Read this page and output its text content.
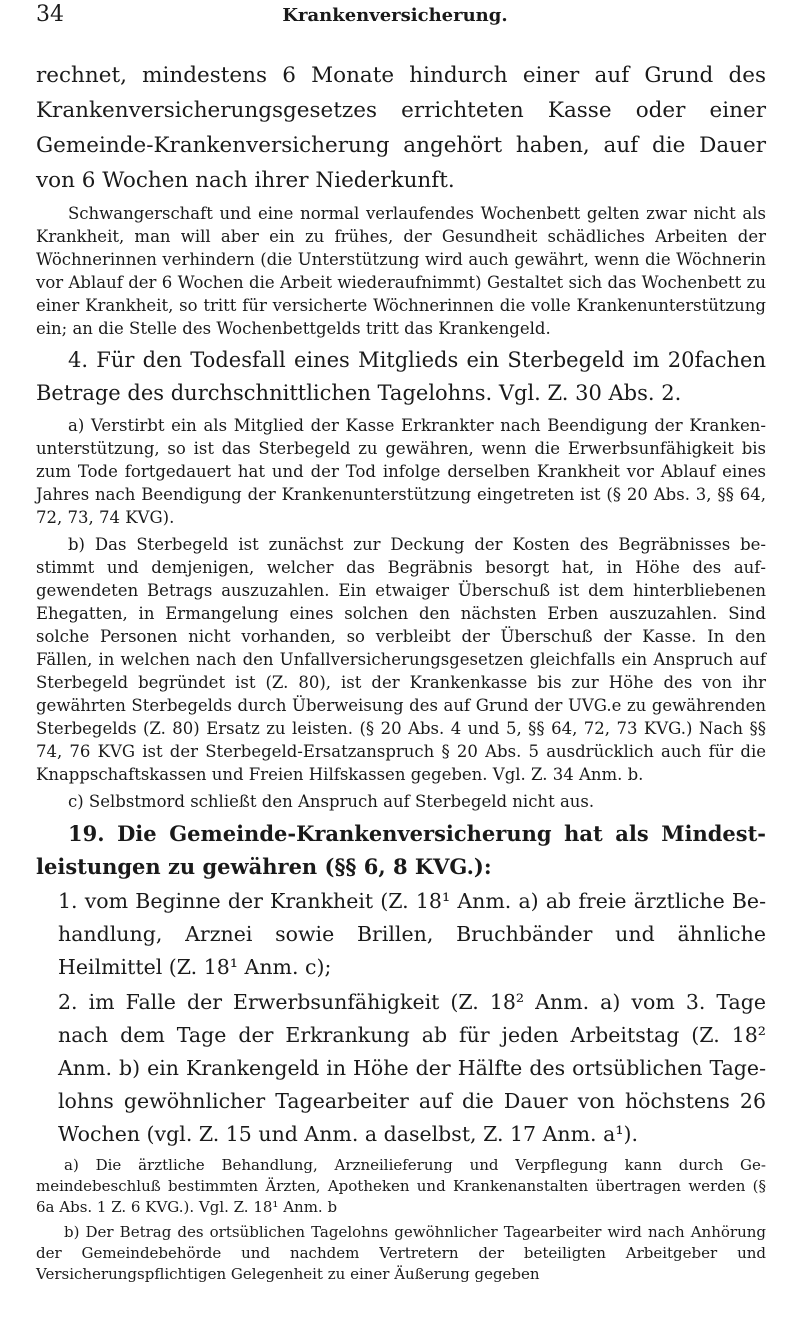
34	Krankenversicherung.

rechnet, mindestens 6 Monate hindurch einer auf Grund des Krankenversicherungsgesetzes errichteten Kasse oder einer Gemeinde-Krankenversicherung angehört haben, auf die Dauer von 6 Wochen nach ihrer Niederkunft.

Schwangerschaft und eine normal verlaufendes Wochenbett gelten zwar nicht als Krankheit, man will aber ein zu frühes, der Gesundheit schädliches Arbeiten der Wöchnerinnen verhindern (die Unterstützung wird auch gewährt, wenn die Wöchnerin vor Ablauf der 6 Wochen die Arbeit wiederaufnimmt) Gestaltet sich das Wochenbett zu einer Krankheit, so tritt für versicherte Wöchnerinnen die volle Krankenunterstützung ein; an die Stelle des Wochenbettgelds tritt das Krankengeld.

4. Für den Todesfall eines Mitglieds ein Sterbegeld im 20fachen Betrage des durchschnittlichen Tagelohns. Vgl. Z. 30 Abs. 2.

a) Verstirbt ein als Mitglied der Kasse Erkrankter nach Beendigung der Krankenunterstützung, so ist das Sterbegeld zu gewähren, wenn die Erwerbsunfähigkeit bis zum Tode fortgedauert hat und der Tod infolge derselben Krankheit vor Ablauf eines Jahres nach Beendigung der Krankenunterstützung eingetreten ist (§ 20 Abs. 3, §§ 64, 72, 73, 74 KVG).

b) Das Sterbegeld ist zunächst zur Deckung der Kosten des Begräbnisses bestimmt und demjenigen, welcher das Begräbnis besorgt hat, in Höhe des aufgewendeten Betrags auszuzahlen. Ein etwaiger Überschuß ist dem hinterbliebenen Ehegatten, in Ermangelung eines solchen den nächsten Erben auszuzahlen. Sind solche Personen nicht vorhanden, so verbleibt der Überschuß der Kasse. In den Fällen, in welchen nach den Unfallversicherungsgesetzen gleichfalls ein Anspruch auf Sterbegeld begründet ist (Z. 80), ist der Krankenkasse bis zur Höhe des von ihr gewährten Sterbegelds durch Überweisung des auf Grund der UVG.e zu gewährenden Sterbegelds (Z. 80) Ersatz zu leisten. (§ 20 Abs. 4 und 5, §§ 64, 72, 73 KVG.) Nach §§ 74, 76 KVG ist der Sterbegeld-Ersatzanspruch § 20 Abs. 5 ausdrücklich auch für die Knappschaftskassen und Freien Hilfskassen gegeben. Vgl. Z. 34 Anm. b.

c) Selbstmord schließt den Anspruch auf Sterbegeld nicht aus.

19. Die Gemeinde-Krankenversicherung hat als Mindestleistungen zu gewähren (§§ 6, 8 KVG.):

1. vom Beginne der Krankheit (Z. 18¹ Anm. a) ab freie ärztliche Behandlung, Arznei sowie Brillen, Bruchbänder und ähnliche Heilmittel (Z. 18¹ Anm. c);

2. im Falle der Erwerbsunfähigkeit (Z. 18² Anm. a) vom 3. Tage nach dem Tage der Erkrankung ab für jeden Arbeitstag (Z. 18² Anm. b) ein Krankengeld in Höhe der Hälfte des ortsüblichen Tagelohns gewöhnlicher Tagearbeiter auf die Dauer von höchstens 26 Wochen (vgl. Z. 15 und Anm. a daselbst, Z. 17 Anm. a¹).

a) Die ärztliche Behandlung, Arzneilieferung und Verpflegung kann durch Gemeindebeschluß bestimmten Ärzten, Apotheken und Krankenanstalten übertragen werden (§ 6a Abs. 1 Z. 6 KVG.). Vgl. Z. 18¹ Anm. b

b) Der Betrag des ortsüblichen Tagelohns gewöhnlicher Tagearbeiter wird nach Anhörung der Gemeindebehörde und nachdem Vertretern der beteiligten Arbeitgeber und Versicherungspflichtigen Gelegenheit zu einer Äußerung gegeben
